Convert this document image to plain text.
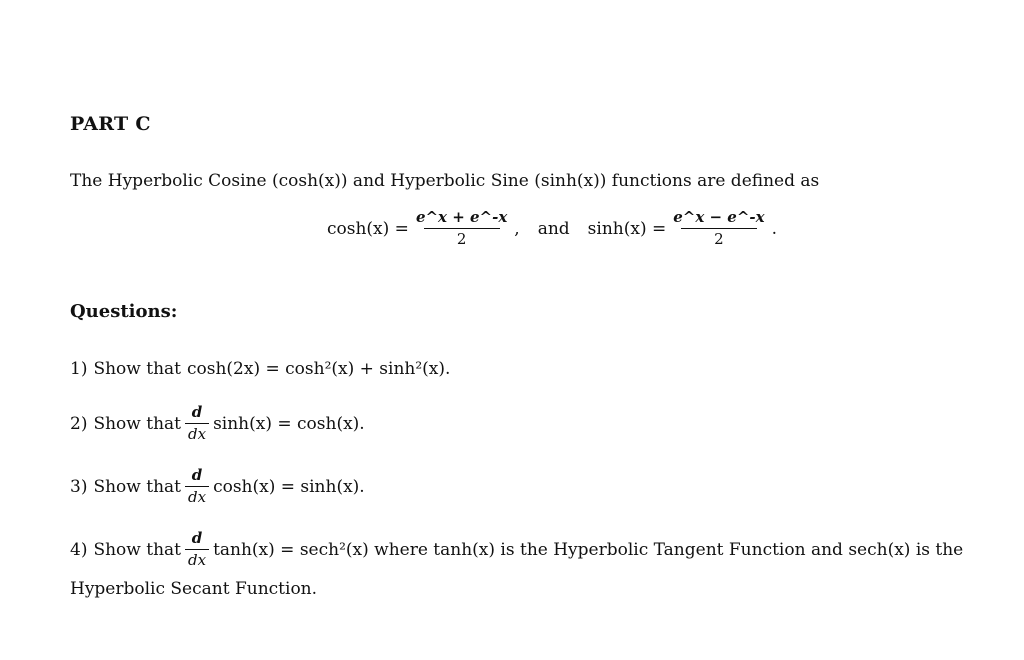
PART C
The Hyperbolic Cosine (cosh(x)) and Hyperbolic Sine (sinh(x)) functions are defined as
$\cosh(x) = \frac{e\^{}x + e\^{}-x}{2}$ , and $\sinh(x) = \frac{e\^{}x - e\^{}-x}{2}$ .
Questions:
1) Show that cosh(2x) = cosh²(x) + sinh²(x).
2) Show that $\frac{d}{dx} \sinh(x) = \cosh(x)$.
3) Show that $\frac{d}{dx} \cosh(x) = \sinh(x)$.
4) Show that $\frac{d}{dx} \tanh(x) = \sec h^2(x)$ where tanh(x) is the Hyperbolic Tangent Function and sech(x) is the
Hyperbolic Secant Function.
